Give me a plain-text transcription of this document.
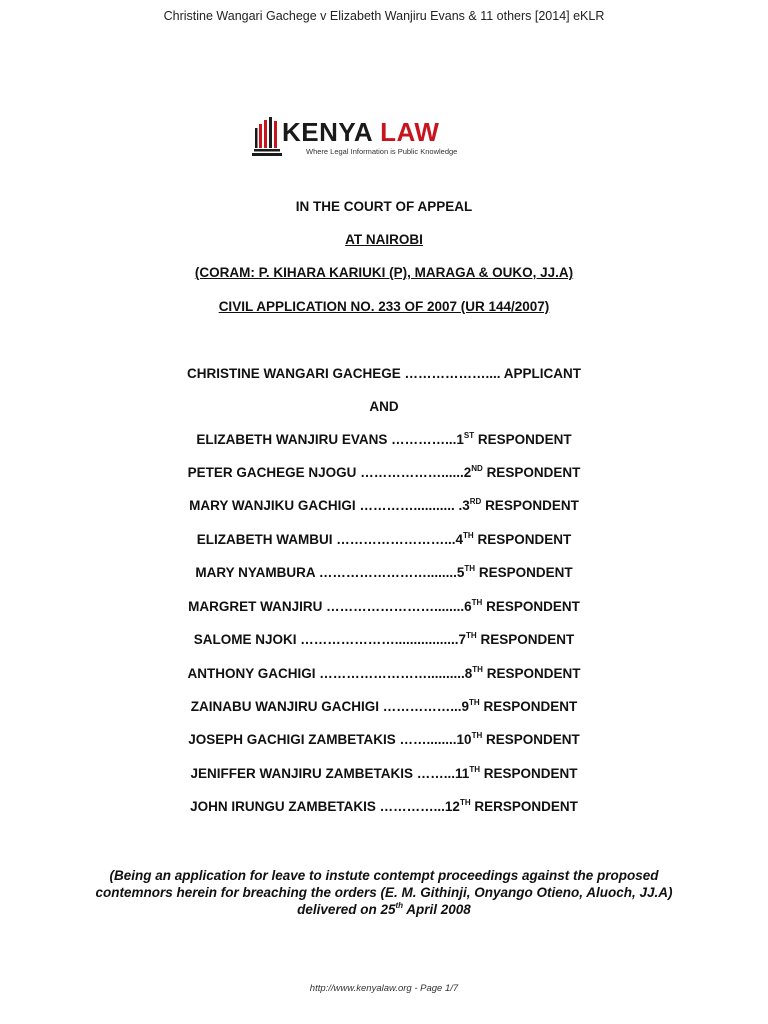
Christine Wangari Gachege v Elizabeth Wanjiru Evans & 11 others [2014] eKLR
KENYA LAW
Where Legal Information is Public Knowledge
IN THE COURT OF APPEAL
AT NAIROBI
(CORAM: P. KIHARA KARIUKI (P), MARAGA & OUKO, JJ.A)
CIVIL APPLICATION NO. 233 OF 2007 (UR 144/2007)
CHRISTINE WANGARI GACHEGE ……………….... APPLICANT
AND
ELIZABETH WANJIRU EVANS …………...1ST RESPONDENT
PETER GACHEGE NJOGU ………………......2ND RESPONDENT
MARY WANJIKU GACHIGI …………........... .3RD RESPONDENT
ELIZABETH WAMBUI ……………………...4TH RESPONDENT
MARY NYAMBURA ……………………........5TH RESPONDENT
MARGRET WANJIRU ……………………........6TH RESPONDENT
SALOME NJOKI ………………….................7TH RESPONDENT
ANTHONY GACHIGI ……………………..........8TH RESPONDENT
ZAINABU WANJIRU GACHIGI ……………...9TH RESPONDENT
JOSEPH GACHIGI ZAMBETAKIS ……........10TH RESPONDENT
JENIFFER WANJIRU ZAMBETAKIS ……...11TH RESPONDENT
JOHN IRUNGU ZAMBETAKIS …………...12TH RERSPONDENT
(Being an application for leave to instute contempt proceedings against the proposed
contemnors herein for breaching the orders (E. M. Githinji, Onyango Otieno, Aluoch, JJ.A)
delivered on 25th April 2008
http://www.kenyalaw.org - Page 1/7
